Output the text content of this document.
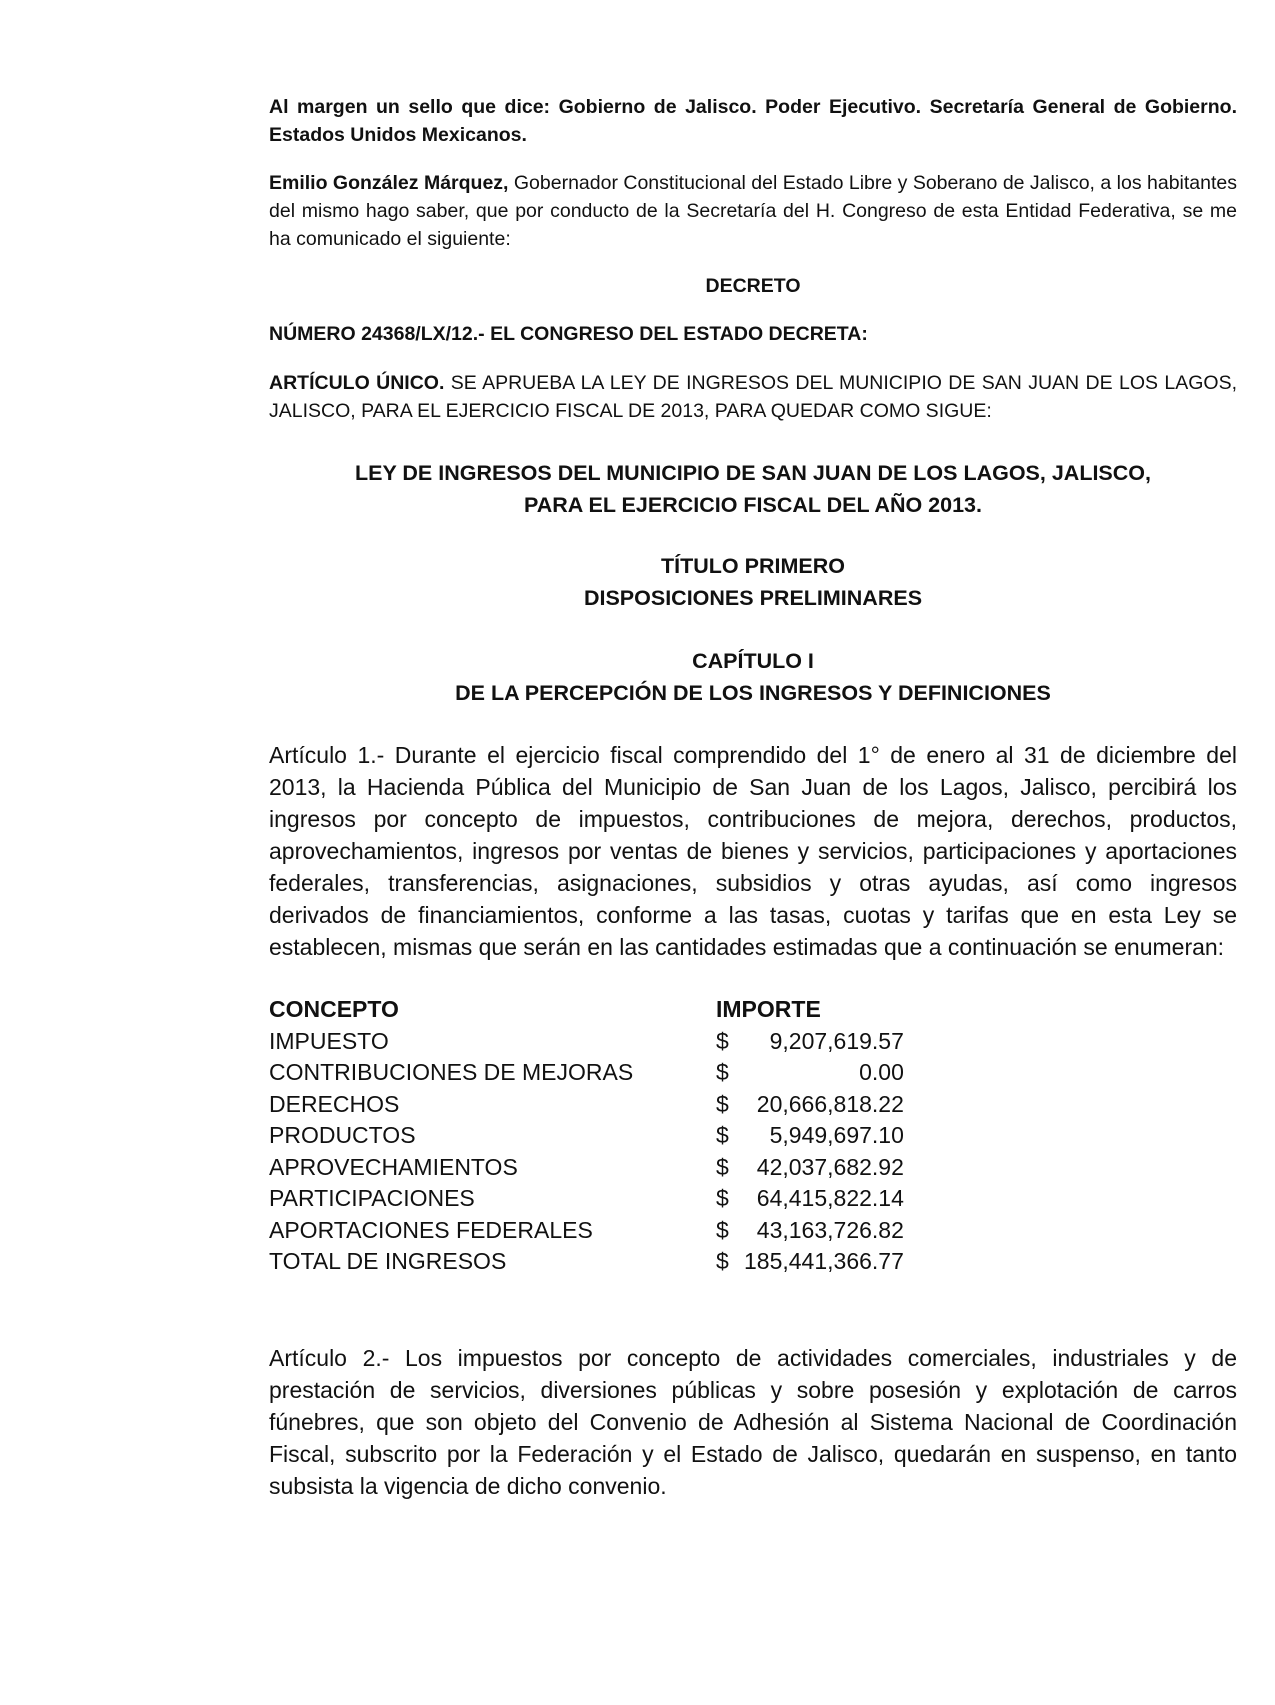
Al margen un sello que dice: Gobierno de Jalisco. Poder Ejecutivo. Secretaría General de Gobierno. Estados Unidos Mexicanos.

Emilio González Márquez, Gobernador Constitucional del Estado Libre y Soberano de Jalisco, a los habitantes del mismo hago saber, que por conducto de la Secretaría del H. Congreso de esta Entidad Federativa, se me ha comunicado el siguiente:

DECRETO

NÚMERO 24368/LX/12.- EL CONGRESO DEL ESTADO DECRETA:

ARTÍCULO ÚNICO. SE APRUEBA LA LEY DE INGRESOS DEL MUNICIPIO DE SAN JUAN DE LOS LAGOS, JALISCO, PARA EL EJERCICIO FISCAL DE 2013, PARA QUEDAR COMO SIGUE:

LEY DE INGRESOS DEL MUNICIPIO DE SAN JUAN DE LOS LAGOS, JALISCO,
PARA EL EJERCICIO FISCAL DEL AÑO 2013.
TÍTULO PRIMERO
DISPOSICIONES PRELIMINARES
CAPÍTULO I
DE LA PERCEPCIÓN DE LOS INGRESOS Y DEFINICIONES

Artículo 1.- Durante el ejercicio fiscal comprendido del 1° de enero al 31 de diciembre del 2013, la Hacienda Pública del Municipio de San Juan de los Lagos, Jalisco, percibirá los ingresos por concepto de impuestos, contribuciones de mejora, derechos, productos, aprovechamientos, ingresos por ventas de bienes y servicios, participaciones y aportaciones federales, transferencias, asignaciones, subsidios y otras ayudas, así como ingresos derivados de financiamientos, conforme a las tasas, cuotas y tarifas que en esta Ley se establecen, mismas que serán en las cantidades estimadas que a continuación se enumeran:

CONCEPTO	IMPORTE	
IMPUESTO	$	9,207,619.57
CONTRIBUCIONES DE MEJORAS	$	0.00
DERECHOS	$	20,666,818.22
PRODUCTOS	$	5,949,697.10
APROVECHAMIENTOS	$	42,037,682.92
PARTICIPACIONES	$	64,415,822.14
APORTACIONES FEDERALES	$	43,163,726.82
TOTAL DE INGRESOS	$	185,441,366.77

Artículo 2.- Los impuestos por concepto de actividades comerciales, industriales y de prestación de servicios, diversiones públicas y sobre posesión y explotación de carros fúnebres, que son objeto del Convenio de Adhesión al Sistema Nacional de Coordinación Fiscal, subscrito por la Federación y el Estado de Jalisco, quedarán en suspenso, en tanto subsista la vigencia de dicho convenio.
